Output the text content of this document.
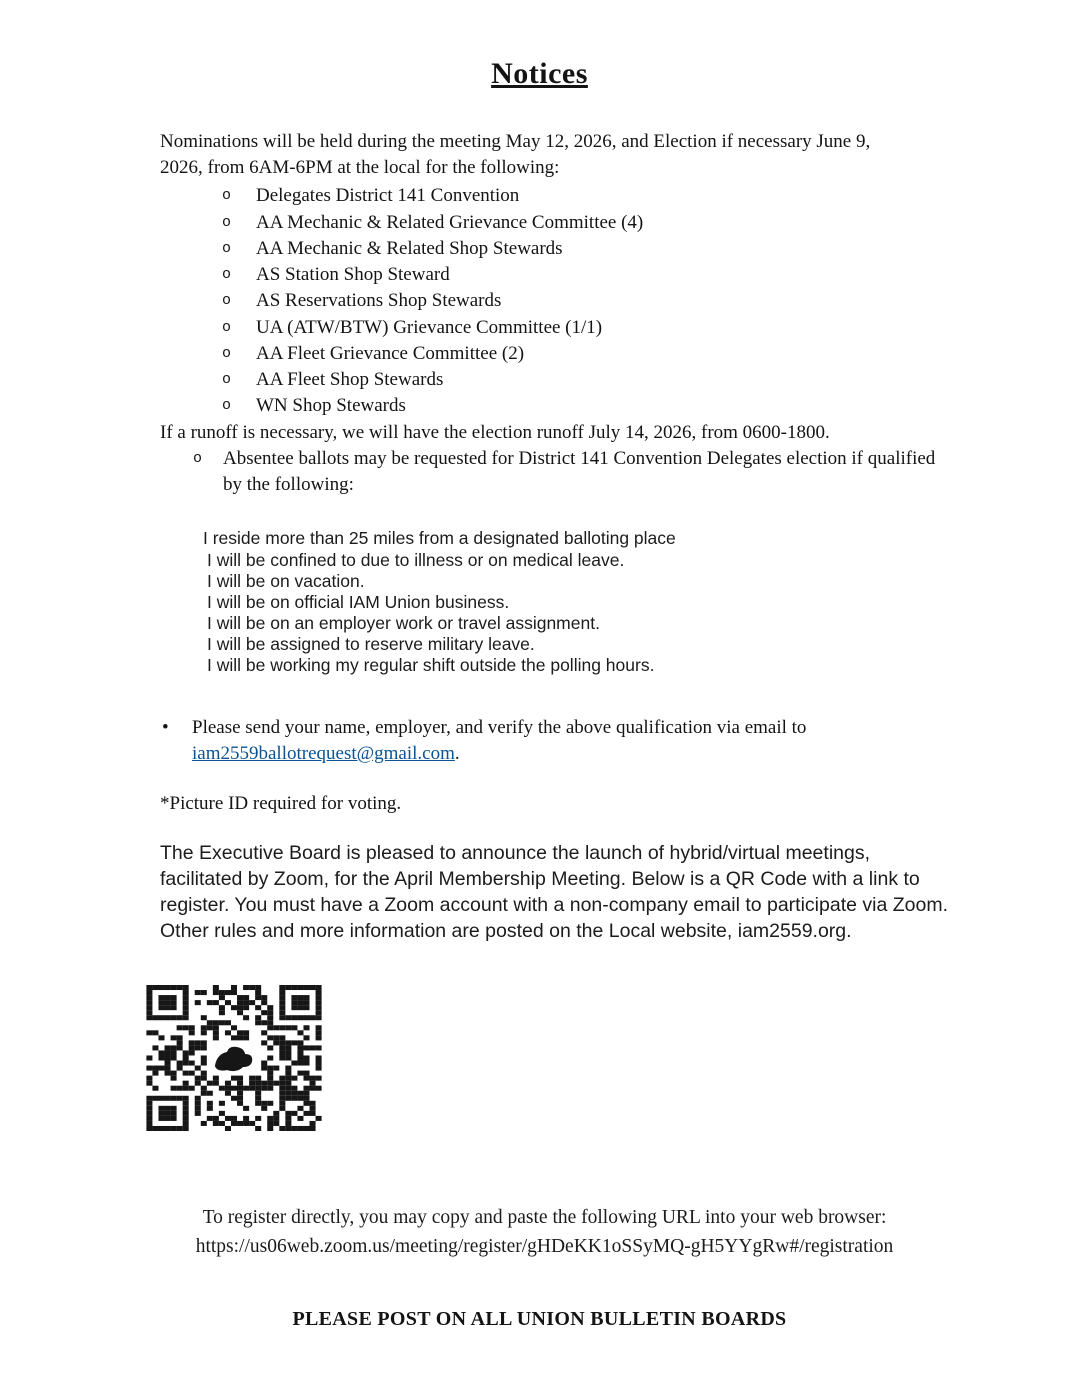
Notices

Nominations will be held during the meeting May 12, 2026, and Election if necessary June 9, 2026, from 6AM-6PM at the local for the following:

o	Delegates District 141 Convention
o	AA Mechanic & Related Grievance Committee (4)
o	AA Mechanic & Related Shop Stewards
o	AS Station Shop Steward
o	AS Reservations Shop Stewards
o	UA (ATW/BTW) Grievance Committee (1/1)
o	AA Fleet Grievance Committee (2)
o	AA Fleet Shop Stewards
o	WN Shop Stewards

If a runoff is necessary, we will have the election runoff July 14, 2026, from 0600-1800.

o	Absentee ballots may be requested for District 141 Convention Delegates election if qualified by the following:
I reside more than 25 miles from a designated balloting place
I will be confined to due to illness or on medical leave.
I will be on vacation.
I will be on official IAM Union business.
I will be on an employer work or travel assignment.
I will be assigned to reserve military leave.
I will be working my regular shift outside the polling hours.
•	Please send your name, employer, and verify the above qualification via email to iam2559ballotrequest@gmail.com.

*Picture ID required for voting.

The Executive Board is pleased to announce the launch of hybrid/virtual meetings, facilitated by Zoom, for the April Membership Meeting. Below is a QR Code with a link to register. You must have a Zoom account with a non-company email to participate via Zoom. Other rules and more information are posted on the Local website, iam2559.org.

To register directly, you may copy and paste the following URL into your web browser:

https://us06web.zoom.us/meeting/register/gHDeKK1oSSyMQ-gH5YYgRw#/registration

PLEASE POST ON ALL UNION BULLETIN BOARDS
